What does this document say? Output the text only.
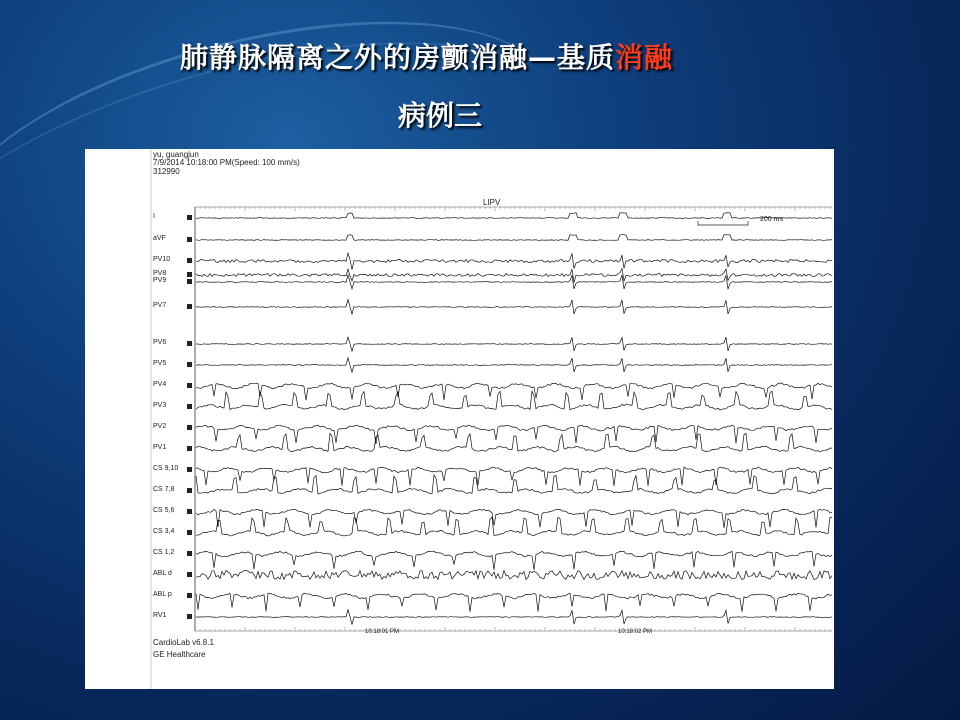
肺静脉隔离之外的房颤消融—基质消融
病例三
yu, guangjun
7/9/2014 10:18:00 PM(Speed: 100 mm/s)
312990
LIPV
200 ms
I
aVF
PV10
PV8
PV9
PV7
PV6
PV5
PV4
PV3
PV2
PV1
CS 9,10
CS 7,8
CS 5,6
CS 3,4
CS 1,2
ABL d
ABL p
RV1
10:18:01 PM	10:18:02 PM
CardioLab v6.8.1
GE Healthcare
